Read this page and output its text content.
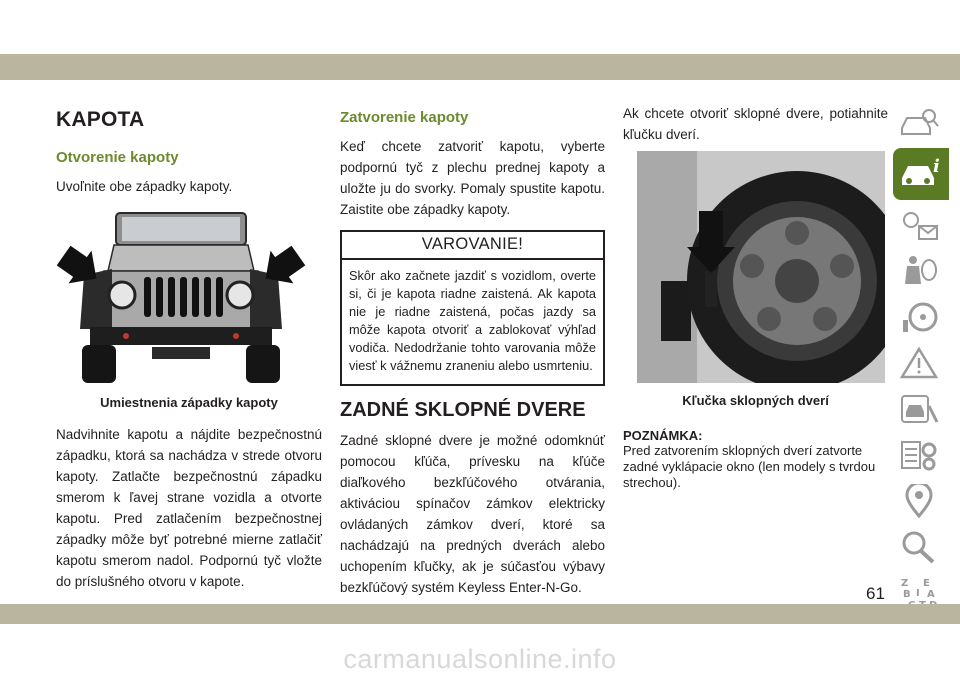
KAPOTA
Otvorenie kapoty

Uvoľnite obe západky kapoty.

Umiestnenia západky kapoty

Nadvihnite kapotu a nájdite bezpečnostnú západku, ktorá sa nachádza v strede otvoru kapoty. Zatlačte bezpečnostnú západku smerom k ľavej strane vozidla a otvorte kapotu. Pred zatlačením bezpečnostnej západky môže byť potrebné mierne zatlačiť kapotu smerom nadol. Podpornú tyč vložte do príslušného otvoru v kapote.

Zatvorenie kapoty

Keď chcete zatvoriť kapotu, vyberte podpornú tyč z plechu prednej kapoty a uložte ju do svorky. Pomaly spustite kapotu. Zaistite obe západky kapoty.

VAROVANIE!
Skôr ako začnete jazdiť s vozidlom, overte si, či je kapota riadne zaistená. Ak kapota nie je riadne zaistená, počas jazdy sa môže kapota otvoriť a zablokovať výhľad vodiča. Nedodržanie tohto varovania môže viesť k vážnemu zraneniu alebo usmrteniu.
ZADNÉ SKLOPNÉ DVERE

Zadné sklopné dvere je možné odomknúť pomocou kľúča, prívesku na kľúče diaľkového bezkľúčového otvárania, aktiváciou spínačov zámkov elektricky ovládaných zámkov dverí, ktoré sa nachádzajú na predných dverách alebo uchopením kľučky, ak je súčasťou výbavy bezkľúčový systém Keyless Enter-N-Go.

Ak chcete otvoriť sklopné dvere, potiahnite kľučku dverí.

Kľučka sklopných dverí
POZNÁMKA:
Pred zatvorením sklopných dverí zatvorte zadné vyklápacie okno (len modely s tvrdou strechou).
i
Z E
B A
I
61
carmanualsonline.info
